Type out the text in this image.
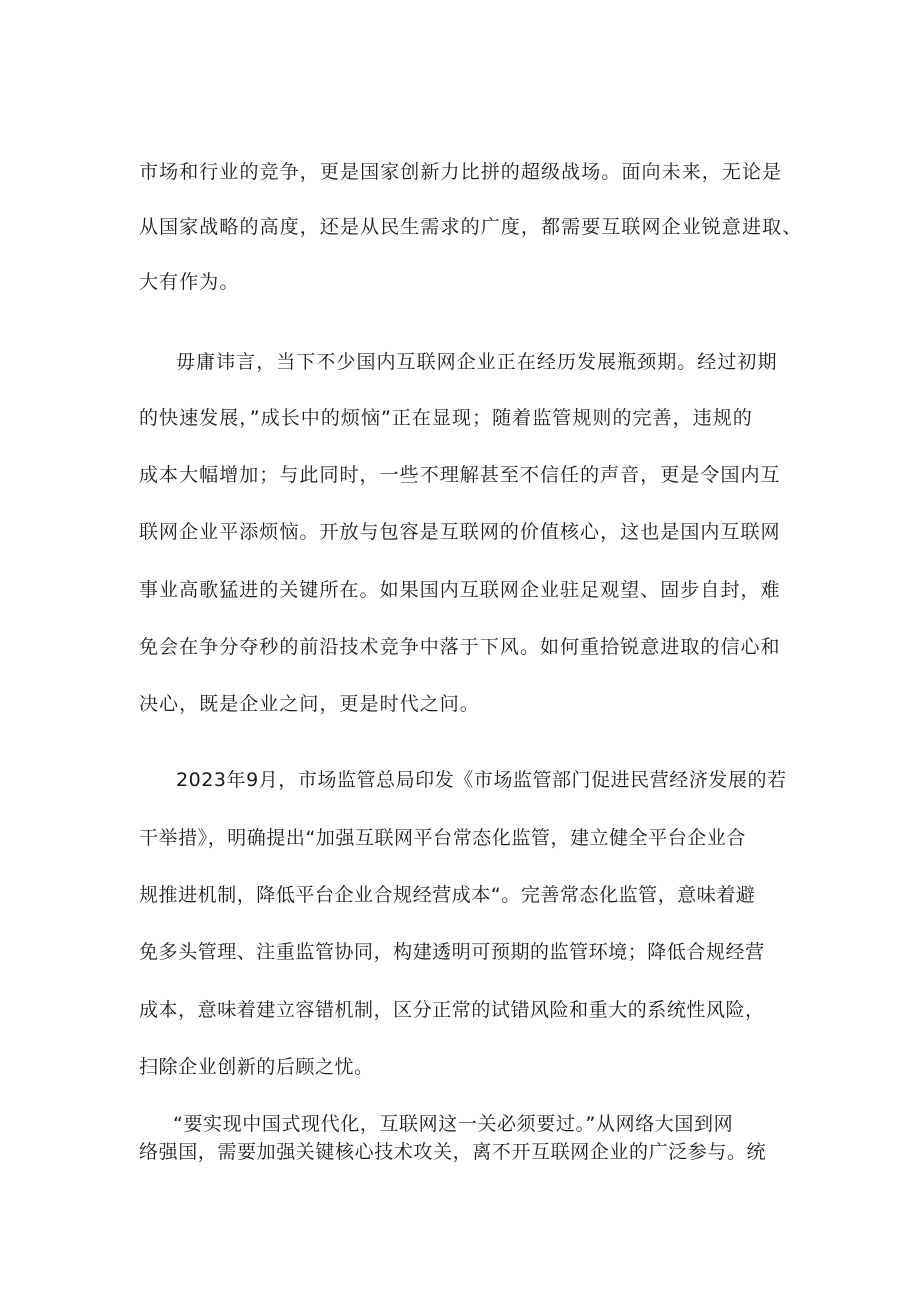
市场和行业的竞争，更是国家创新力比拼的超级战场。面向未来，无论是
从国家战略的高度，还是从民生需求的广度，都需要互联网企业锐意进取、
大有作为。
毋庸讳言，当下不少国内互联网企业正在经历发展瓶颈期。经过初期
的快速发展，”成长中的烦恼”正在显现；随着监管规则的完善，违规的
成本大幅增加；与此同时，一些不理解甚至不信任的声音，更是令国内互
联网企业平添烦恼。开放与包容是互联网的价值核心，这也是国内互联网
事业高歌猛进的关键所在。如果国内互联网企业驻足观望、固步自封，难
免会在争分夺秒的前沿技术竞争中落于下风。如何重拾锐意进取的信心和
决心，既是企业之问，更是时代之问。
2023年9月，市场监管总局印发《市场监管部门促进民营经济发展的若
干举措》，明确提出“加强互联网平台常态化监管，建立健全平台企业合
规推进机制，降低平台企业合规经营成本“。完善常态化监管，意味着避
免多头管理、注重监管协同，构建透明可预期的监管环境；降低合规经营
成本，意味着建立容错机制，区分正常的试错风险和重大的系统性风险，
扫除企业创新的后顾之忧。
“要实现中国式现代化，互联网这一关必须要过。”从网络大国到网
络强国，需要加强关键核心技术攻关，离不开互联网企业的广泛参与。统
